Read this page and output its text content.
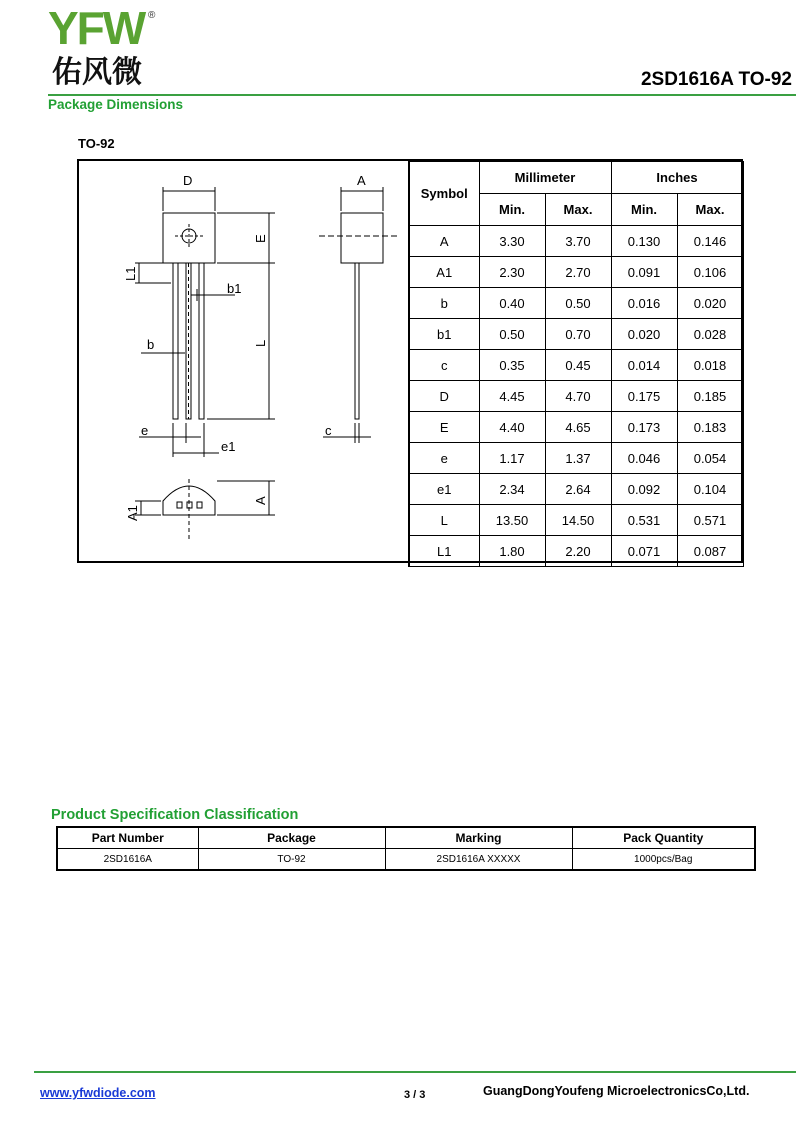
YFW ®
佑风微	2SD1616A TO-92
Package Dimensions
TO-92
D	A
E
L1
b1
b	L
e
e1
c
A1
A
Symbol	Millimeter		Inches	
	Min.	Max.	Min.	Max.
A	3.30	3.70	0.130	0.146
A1	2.30	2.70	0.091	0.106
b	0.40	0.50	0.016	0.020
b1	0.50	0.70	0.020	0.028
c	0.35	0.45	0.014	0.018
D	4.45	4.70	0.175	0.185
E	4.40	4.65	0.173	0.183
e	1.17	1.37	0.046	0.054
e1	2.34	2.64	0.092	0.104
L	13.50	14.50	0.531	0.571
L1	1.80	2.20	0.071	0.087
Product Specification Classification
Part Number	Package	Marking	Pack Quantity
2SD1616A	TO-92	2SD1616A XXXXX	1000pcs/Bag
www.yfwdiode.com	3 / 3	GuangDongYoufeng MicroelectronicsCo,Ltd.
